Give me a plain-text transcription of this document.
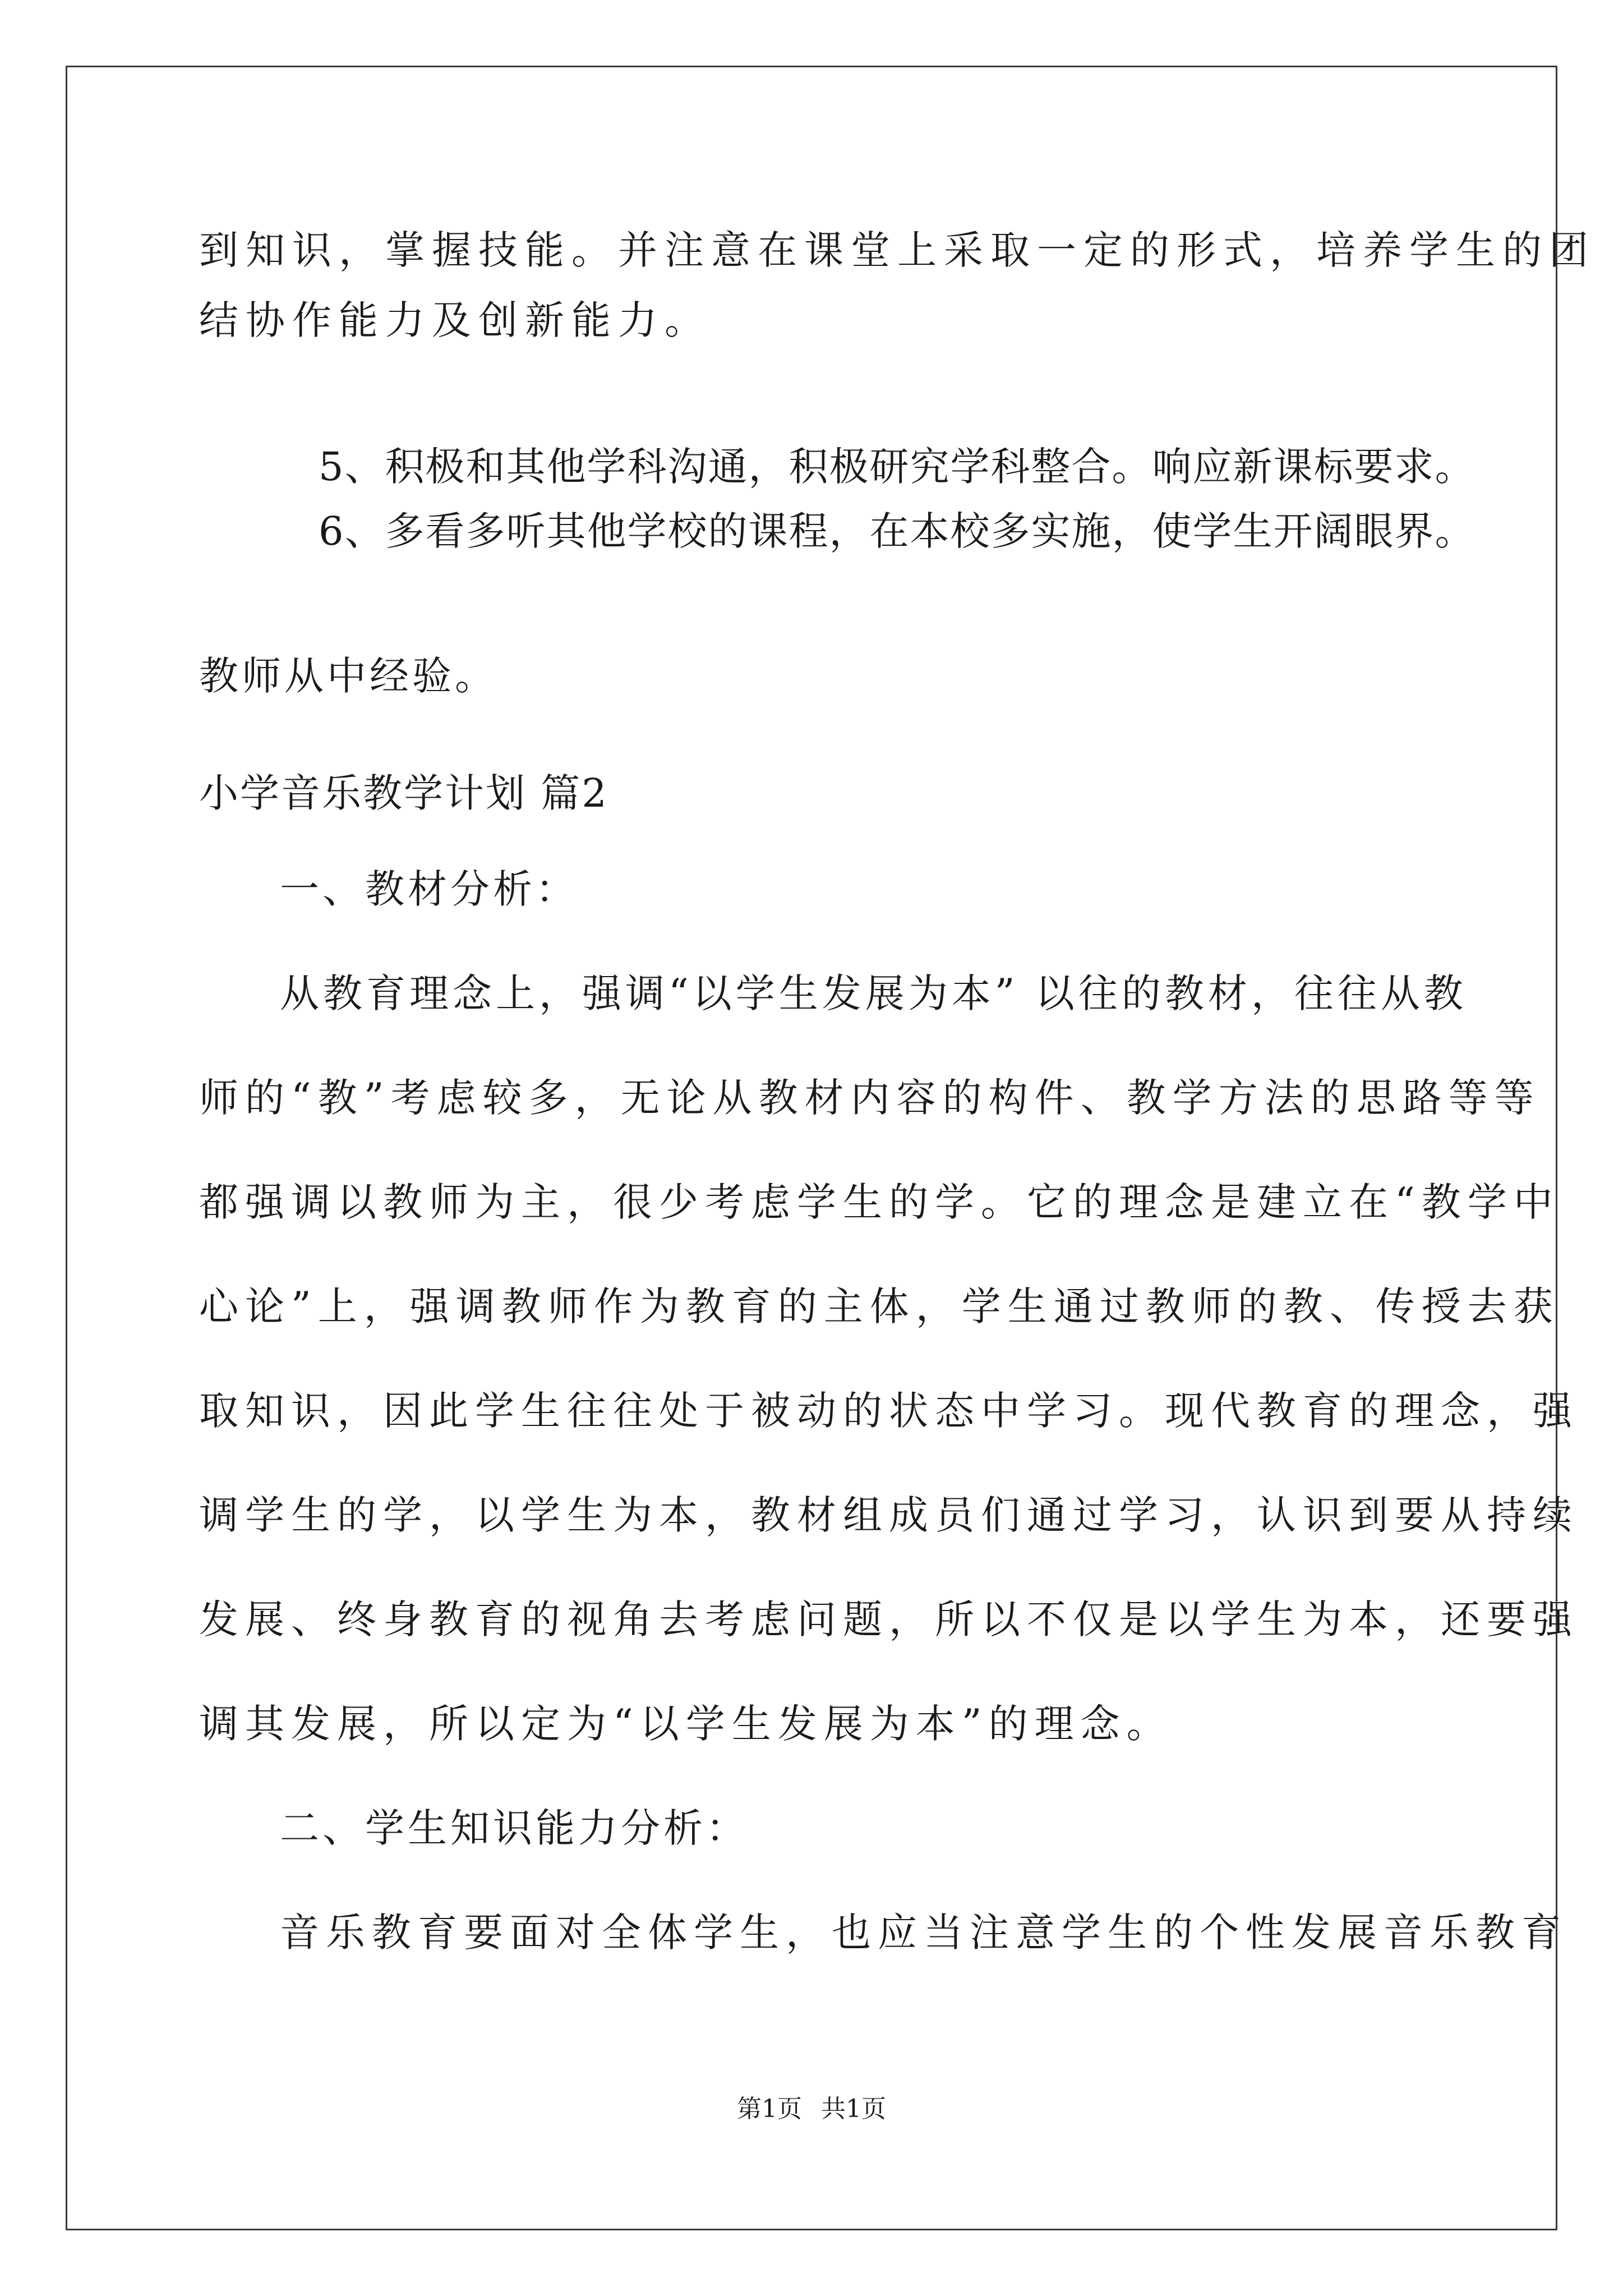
到知识，掌握技能。并注意在课堂上采取一定的形式，培养学生的团
结协作能力及创新能力。
5、积极和其他学科沟通，积极研究学科整合。响应新课标要求。
6、多看多听其他学校的课程，在本校多实施，使学生开阔眼界。
教师从中经验。
小学音乐教学计划 篇2
一、教材分析：
从教育理念上，强调“以学生发展为本” 以往的教材，往往从教
师的“教”考虑较多，无论从教材内容的构件、教学方法的思路等等
都强调以教师为主，很少考虑学生的学。它的理念是建立在“教学中
心论”上，强调教师作为教育的主体，学生通过教师的教、传授去获
取知识，因此学生往往处于被动的状态中学习。现代教育的理念，强
调学生的学，以学生为本，教材组成员们通过学习，认识到要从持续
发展、终身教育的视角去考虑问题，所以不仅是以学生为本，还要强
调其发展，所以定为“以学生发展为本”的理念。
二、学生知识能力分析：
音乐教育要面对全体学生，也应当注意学生的个性发展音乐教育
第1页 共1页
